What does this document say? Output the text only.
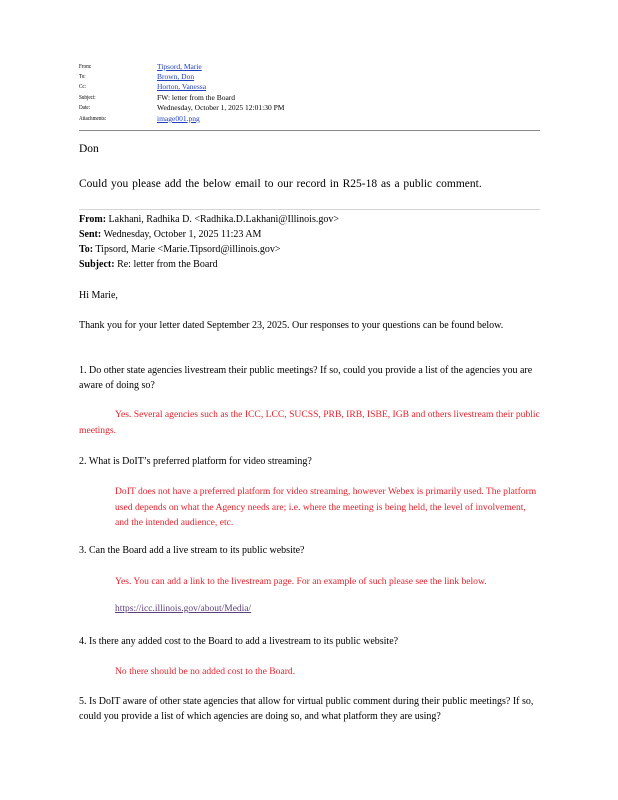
From:	Tipsord, Marie
To:	Brown, Don
Cc:	Horton, Vanessa
Subject:	FW: letter from the Board
Date:	Wednesday, October 1, 2025 12:01:30 PM
Attachments:	image001.png
Don
Could you please add the below email to our record in R25-18 as a public comment.
From: Lakhani, Radhika D. <Radhika.D.Lakhani@Illinois.gov>
Sent: Wednesday, October 1, 2025 11:23 AM
To: Tipsord, Marie <Marie.Tipsord@illinois.gov>
Subject: Re: letter from the Board
Hi Marie,
Thank you for your letter dated September 23, 2025. Our responses to your questions can be found below.
1. Do other state agencies livestream their public meetings? If so, could you provide a list of the agencies you are aware of doing so?
Yes. Several agencies such as the ICC, LCC, SUCSS, PRB, IRB, ISBE, IGB and others livestream their public meetings.
2. What is DoIT’s preferred platform for video streaming?
DoIT does not have a preferred platform for video streaming, however Webex is primarily used. The platform used depends on what the Agency needs are; i.e. where the meeting is being held, the level of involvement, and the intended audience, etc.
3. Can the Board add a live stream to its public website?
Yes. You can add a link to the livestream page. For an example of such please see the link below.
https://icc.illinois.gov/about/Media/
4. Is there any added cost to the Board to add a livestream to its public website?
No there should be no added cost to the Board.
5. Is DoIT aware of other state agencies that allow for virtual public comment during their public meetings? If so, could you provide a list of which agencies are doing so, and what platform they are using?
